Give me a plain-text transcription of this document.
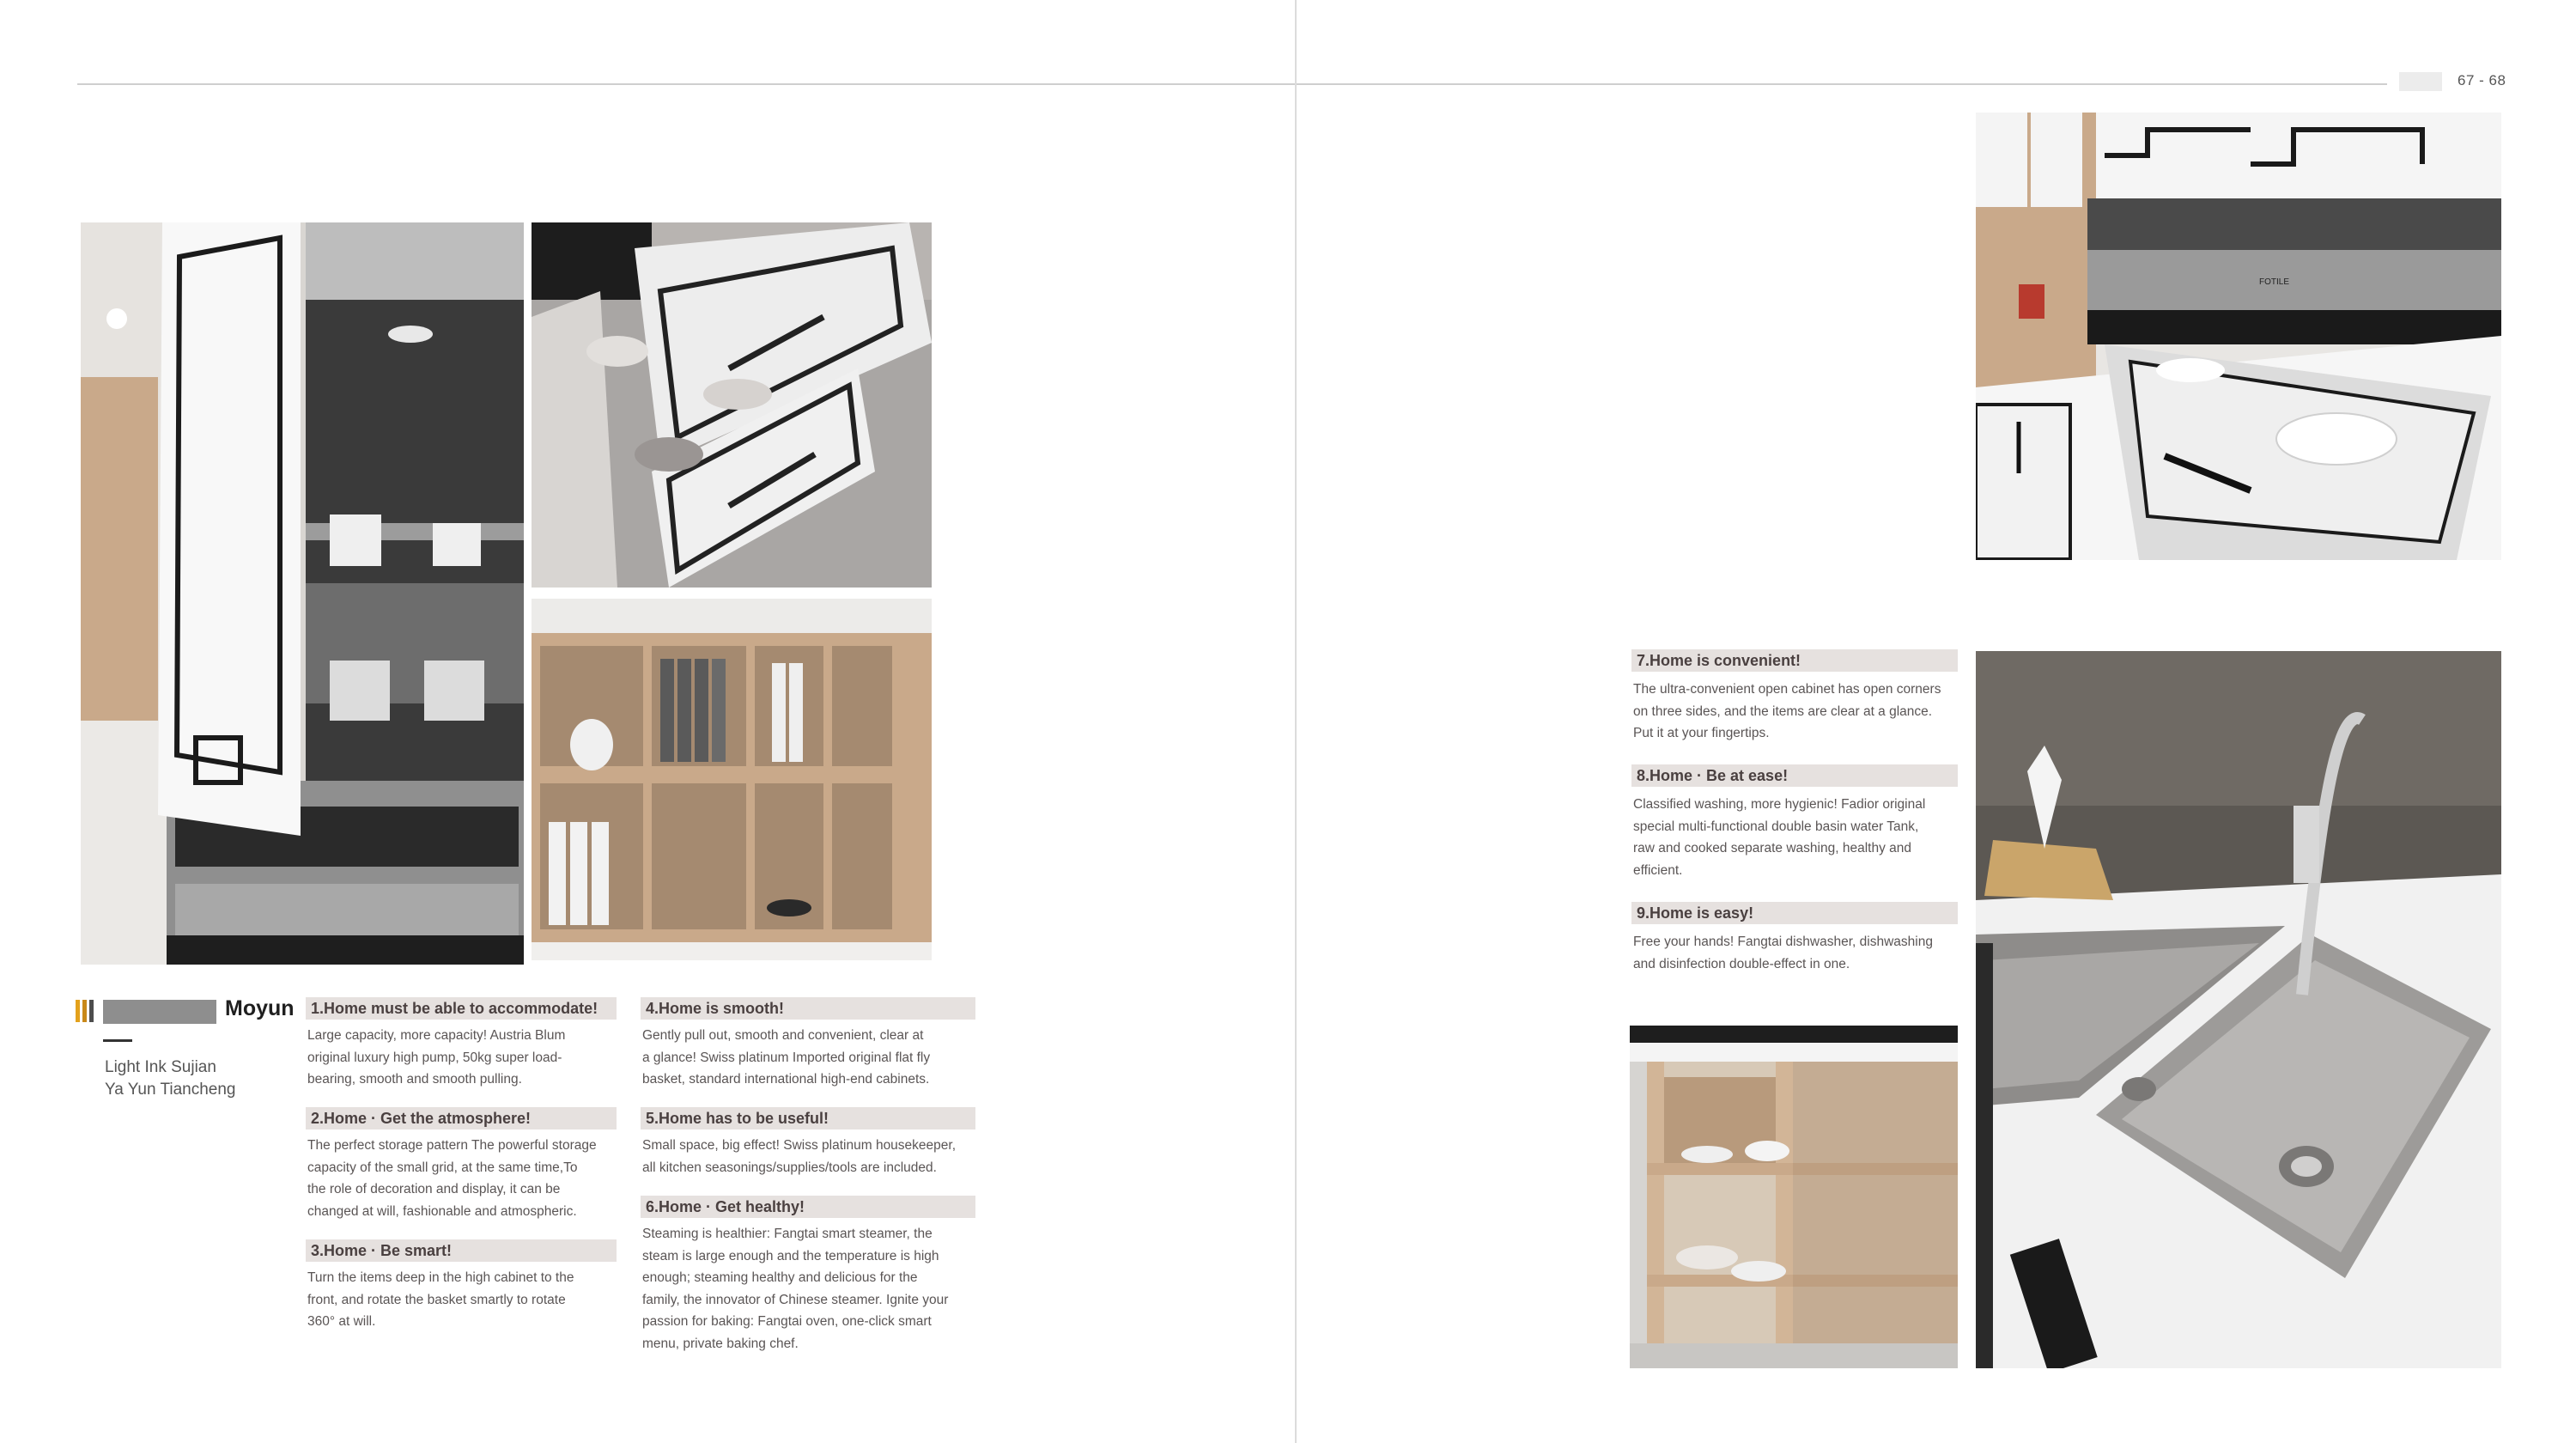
67 - 68
Moyun
Light Ink Sujian
Ya Yun Tiancheng
1.Home must be able to accommodate!
Large capacity, more capacity! Austria Blum
original luxury high pump, 50kg super load-
bearing, smooth and smooth pulling.
2.Home · Get the atmosphere!
The perfect storage pattern The powerful storage
capacity of the small grid, at the same time,To
the role of decoration and display, it can be
changed at will, fashionable and atmospheric.
3.Home · Be smart!
Turn the items deep in the high cabinet to the
front, and rotate the basket smartly to rotate
360° at will.
4.Home is smooth!
Gently pull out, smooth and convenient, clear at
a glance! Swiss platinum Imported original flat fly
basket, standard international high-end cabinets.
5.Home has to be useful!
Small space, big effect! Swiss platinum housekeeper,
all kitchen seasonings/supplies/tools are included.
6.Home · Get healthy!
Steaming is healthier: Fangtai smart steamer, the
steam is large enough and the temperature is high
enough; steaming healthy and delicious for the
family, the innovator of Chinese steamer. Ignite your
passion for baking: Fangtai oven, one-click smart
menu, private baking chef.
FOTILE
7.Home is convenient!
The ultra-convenient open cabinet has open corners
on three sides, and the items are clear at a glance.
Put it at your fingertips.
8.Home · Be at ease!
Classified washing, more hygienic! Fadior original
special multi-functional double basin water Tank,
raw and cooked separate washing, healthy and
efficient.
9.Home is easy!
Free your hands! Fangtai dishwasher, dishwashing
and disinfection double-effect in one.
